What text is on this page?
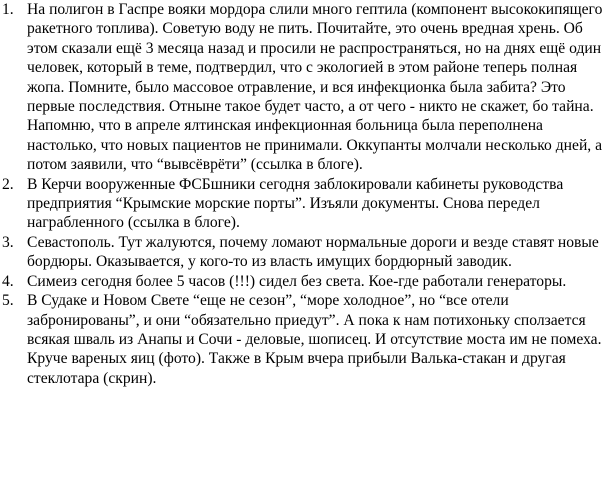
1. На полигон в Гаспре вояки мордора слили много гептила (компонент высококипящего ракетного топлива). Советую воду не пить. Почитайте, это очень вредная хрень. Об этом сказали ещё 3 месяца назад и просили не распространяться, но на днях ещё один человек, который в теме, подтвердил, что с экологией в этом районе теперь полная жопа. Помните, было массовое отравление, и вся инфекционка была забита? Это первые последствия. Отныне такое будет часто, а от чего - никто не скажет, бо тайна. Напомню, что в апреле ялтинская инфекционная больница была переполнена настолько, что новых пациентов не принимали. Оккупанты молчали несколько дней, а потом заявили, что “вывсёврёти” (ссылка в блоге).
2. В Керчи вооруженные ФСБшники сегодня заблокировали кабинеты руководства предприятия “Крымские морские порты”. Изъяли документы. Снова передел награбленного (ссылка в блоге).
3. Севастополь. Тут жалуются, почему ломают нормальные дороги и везде ставят новые бордюры. Оказывается, у кого-то из власть имущих бордюрный заводик.
4. Симеиз сегодня более 5 часов (!!!) сидел без света. Кое-где работали генераторы.
5. В Судаке и Новом Свете “еще не сезон”, “море холодное”, но “все отели забронированы”, и они “обязательно приедут”. А пока к нам потихоньку сползается всякая шваль из Анапы и Сочи - деловые, шописец. И отсутствие моста им не помеха. Круче вареных яиц (фото). Также в Крым вчера прибыли Валька-стакан и другая стеклотара (скрин).
